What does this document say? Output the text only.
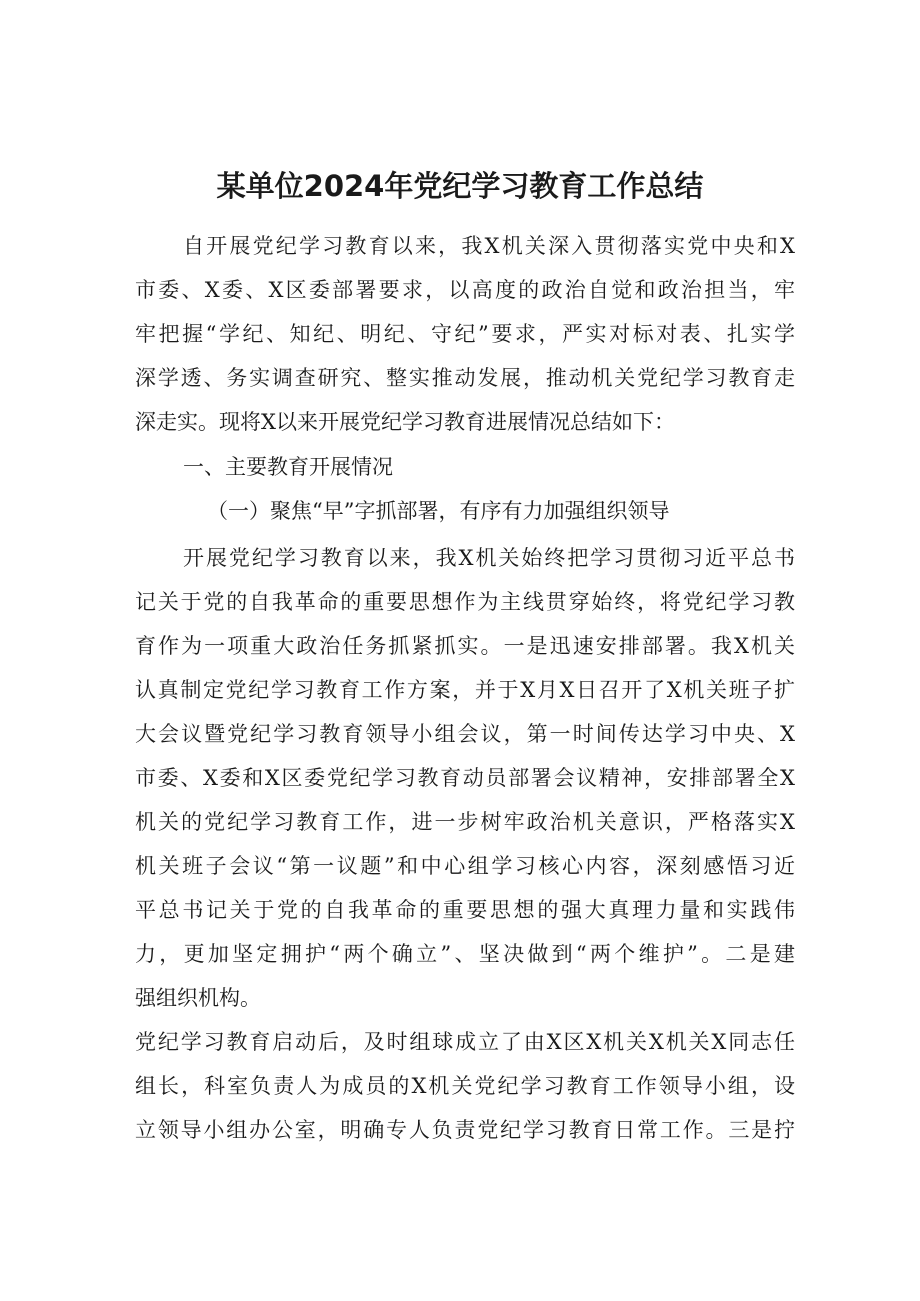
某单位2024年党纪学习教育工作总结

自开展党纪学习教育以来，我X机关深入贯彻落实党中央和X

市委、X委、X区委部署要求，以高度的政治自觉和政治担当，牢

牢把握“学纪、知纪、明纪、守纪”要求，严实对标对表、扎实学

深学透、务实调查研究、整实推动发展，推动机关党纪学习教育走

深走实。现将X以来开展党纪学习教育进展情况总结如下：

一、主要教育开展情况

（一）聚焦“早”字抓部署，有序有力加强组织领导

开展党纪学习教育以来，我X机关始终把学习贯彻习近平总书

记关于党的自我革命的重要思想作为主线贯穿始终，将党纪学习教

育作为一项重大政治任务抓紧抓实。一是迅速安排部署。我X机关

认真制定党纪学习教育工作方案，并于X月X日召开了X机关班子扩

大会议暨党纪学习教育领导小组会议，第一时间传达学习中央、X

市委、X委和X区委党纪学习教育动员部署会议精神，安排部署全X

机关的党纪学习教育工作，进一步树牢政治机关意识，严格落实X

机关班子会议“第一议题”和中心组学习核心内容，深刻感悟习近

平总书记关于党的自我革命的重要思想的强大真理力量和实践伟

力，更加坚定拥护“两个确立”、坚决做到“两个维护”。二是建

强组织机构。

党纪学习教育启动后，及时组球成立了由X区X机关X机关X同志任

组长，科室负责人为成员的X机关党纪学习教育工作领导小组，设

立领导小组办公室，明确专人负责党纪学习教育日常工作。三是拧
